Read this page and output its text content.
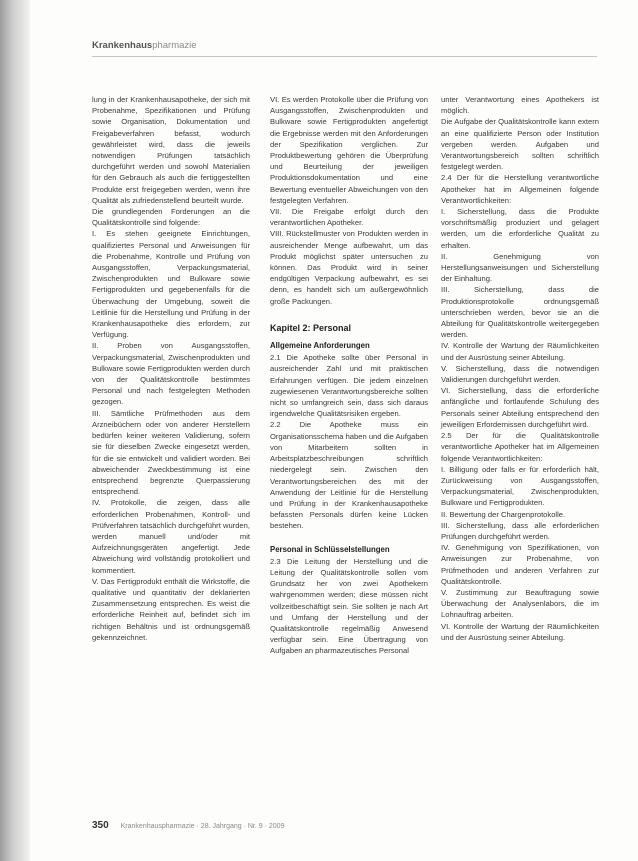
Krankenhauspharmazie

lung in der Krankenhausapotheke, der sich mit Probenahme, Spezifikationen und Prüfung sowie Organisation, Dokumentation und Freigabeverfahren befasst, wodurch gewährleistet wird, dass die jeweils notwendigen Prüfungen tatsächlich durchgeführt werden und sowohl Materialien für den Gebrauch als auch die fertiggestellten Produkte erst freigegeben werden, wenn ihre Qualität als zufriedenstellend beurteilt wurde.

Die grundlegenden Forderungen an die Qualitätskontrolle sind folgende:

I. Es stehen geeignete Einrichtungen, qualifiziertes Personal und Anweisungen für die Probenahme, Kontrolle und Prüfung von Ausgangsstoffen, Verpackungsmaterial, Zwischenprodukten und Bulkware sowie Fertigprodukten und gegebenenfalls für die Überwachung der Umgebung, soweit die Leitlinie für die Herstellung und Prüfung in der Krankenhausapotheke dies erfordern, zur Verfügung.

II. Proben von Ausgangsstoffen, Verpackungsmaterial, Zwischenprodukten und Bulkware sowie Fertigprodukten werden durch von der Qualitätskontrolle bestimmtes Personal und nach festgelegten Methoden gezogen.

III. Sämtliche Prüfmethoden aus dem Arzneibüchern oder von anderer Herstellern bedürfen keiner weiteren Validierung, sofern sie für dieselben Zwecke eingesetzt werden, für die sie entwickelt und validiert worden. Bei abweichender Zweckbestimmung ist eine entsprechend begrenzte Querpassierung entsprechend.

IV. Protokolle, die zeigen, dass alle erforderlichen Probenahmen, Kontroll- und Prüfverfahren tatsächlich durchgeführt wurden, werden manuell und/oder mit Aufzeichnungsgeräten angefertigt. Jede Abweichung wird vollständig protokolliert und kommentiert.

V. Das Fertigprodukt enthält die Wirkstoffe, die qualitative und quantitativ der deklarierten Zusammensetzung entsprechen. Es weist die erforderliche Reinheit auf, befindet sich im richtigen Behältnis und ist ordnungsgemäß gekennzeichnet.

VI. Es werden Protokolle über die Prüfung von Ausgangsstoffen, Zwischenprodukten und Bulkware sowie Fertigprodukten angefertigt die Ergebnisse werden mit den Anforderungen der Spezifikation verglichen. Zur Produktbewertung gehören die Überprüfung und Beurteilung der jeweiligen Produktionsdokumentation und eine Bewertung eventueller Abweichungen von den festgelegten Verfahren.

VII. Die Freigabe erfolgt durch den verantwortlichen Apotheker.

VIII. Rückstellmuster von Produkten werden in ausreichender Menge aufbewahrt, um das Produkt möglichst später untersuchen zu können. Das Produkt wird in seiner endgültigen Verpackung aufbewahrt, es sei denn, es handelt sich um außergewöhnlich große Packungen.

Kapitel 2: Personal
Allgemeine Anforderungen

2.1 Die Apotheke sollte über Personal in ausreichender Zahl und mit praktischen Erfahrungen verfügen. Die jedem einzelnen zugewiesenen Verantwortungsbereiche sollten nicht so umfangreich sein, dass sich daraus irgendwelche Qualitätsrisiken ergeben.

2.2 Die Apotheke muss ein Organisationsschema haben und die Aufgaben von Mitarbeitern sollten in Arbeitsplatzbeschreibungen schriftlich niedergelegt sein. Zwischen den Verantwortungsbereichen des mit der Anwendung der Leitlinie für die Herstellung und Prüfung in der Krankenhausapotheke befassten Personals dürfen keine Lücken bestehen.

Personal in Schlüsselstellungen

2.3 Die Leitung der Herstellung und die Leitung der Qualitätskontrolle sollen vom Grundsatz her von zwei Apothekern wahrgenommen werden; diese müssen nicht vollzeitbeschäftigt sein. Sie sollten je nach Art und Umfang der Herstellung und der Qualitätskontrolle regelmäßig Anwesend verfügbar sein. Eine Übertragung von Aufgaben an pharmazeutisches Personal

unter Verantwortung eines Apothekers ist möglich.

Die Aufgabe der Qualitätskontrolle kann extern an eine qualifizierte Person oder Institution vergeben werden. Aufgaben und Verantwortungsbereich sollten schriftlich festgelegt werden.

2.4 Der für die Herstellung verantwortliche Apotheker hat im Allgemeinen folgende Verantwortlichkeiten:

I. Sicherstellung, dass die Produkte vorschriftsmäßig produziert und gelagert werden, um die erforderliche Qualität zu erhalten.

II.	Genehmigung von Herstellungsanweisungen und Sicherstellung der Einhaltung.

III.	Sicherstellung, dass die Produktionsprotokolle ordnungsgemäß unterschrieben werden, bevor sie an die Abteilung für Qualitätskontrolle weitergegeben werden.

IV. Kontrolle der Wartung der Räumlichkeiten und der Ausrüstung seiner Abteilung.

V. Sicherstellung, dass die notwendigen Validierungen durchgeführt werden.

VI. Sicherstellung, dass die erforderliche anfängliche und fortlaufende Schulung des Personals seiner Abteilung entsprechend den jeweiligen Erfordernissen durchgeführt wird.

2.5 Der für die Qualitätskontrolle verantwortliche Apotheker hat im Allgemeinen folgende Verantwortlichkeiten:

I. Billigung oder falls er für erforderlich hält, Zurückweisung von Ausgangsstoffen, Verpackungsmaterial, Zwischenprodukten, Bulkware und Fertigprodukten.

II. Bewertung der Chargenprotokolle.

III. Sicherstellung, dass alle erforderlichen Prüfungen durchgeführt werden.

IV. Genehmigung von Spezifikationen, von Anweisungen zur Probenahme, von Prüfmethoden und anderen Verfahren zur Qualitätskontrolle.

V. Zustimmung zur Beauftragung sowie Überwachung der Analysenlabors, die im Lohnauftrag arbeiten.

VI. Kontrolle der Wartung der Räumlichkeiten und der Ausrüstung seiner Abteilung.

350 Krankenhauspharmazie · 28. Jahrgang · Nr. 9 · 2009
